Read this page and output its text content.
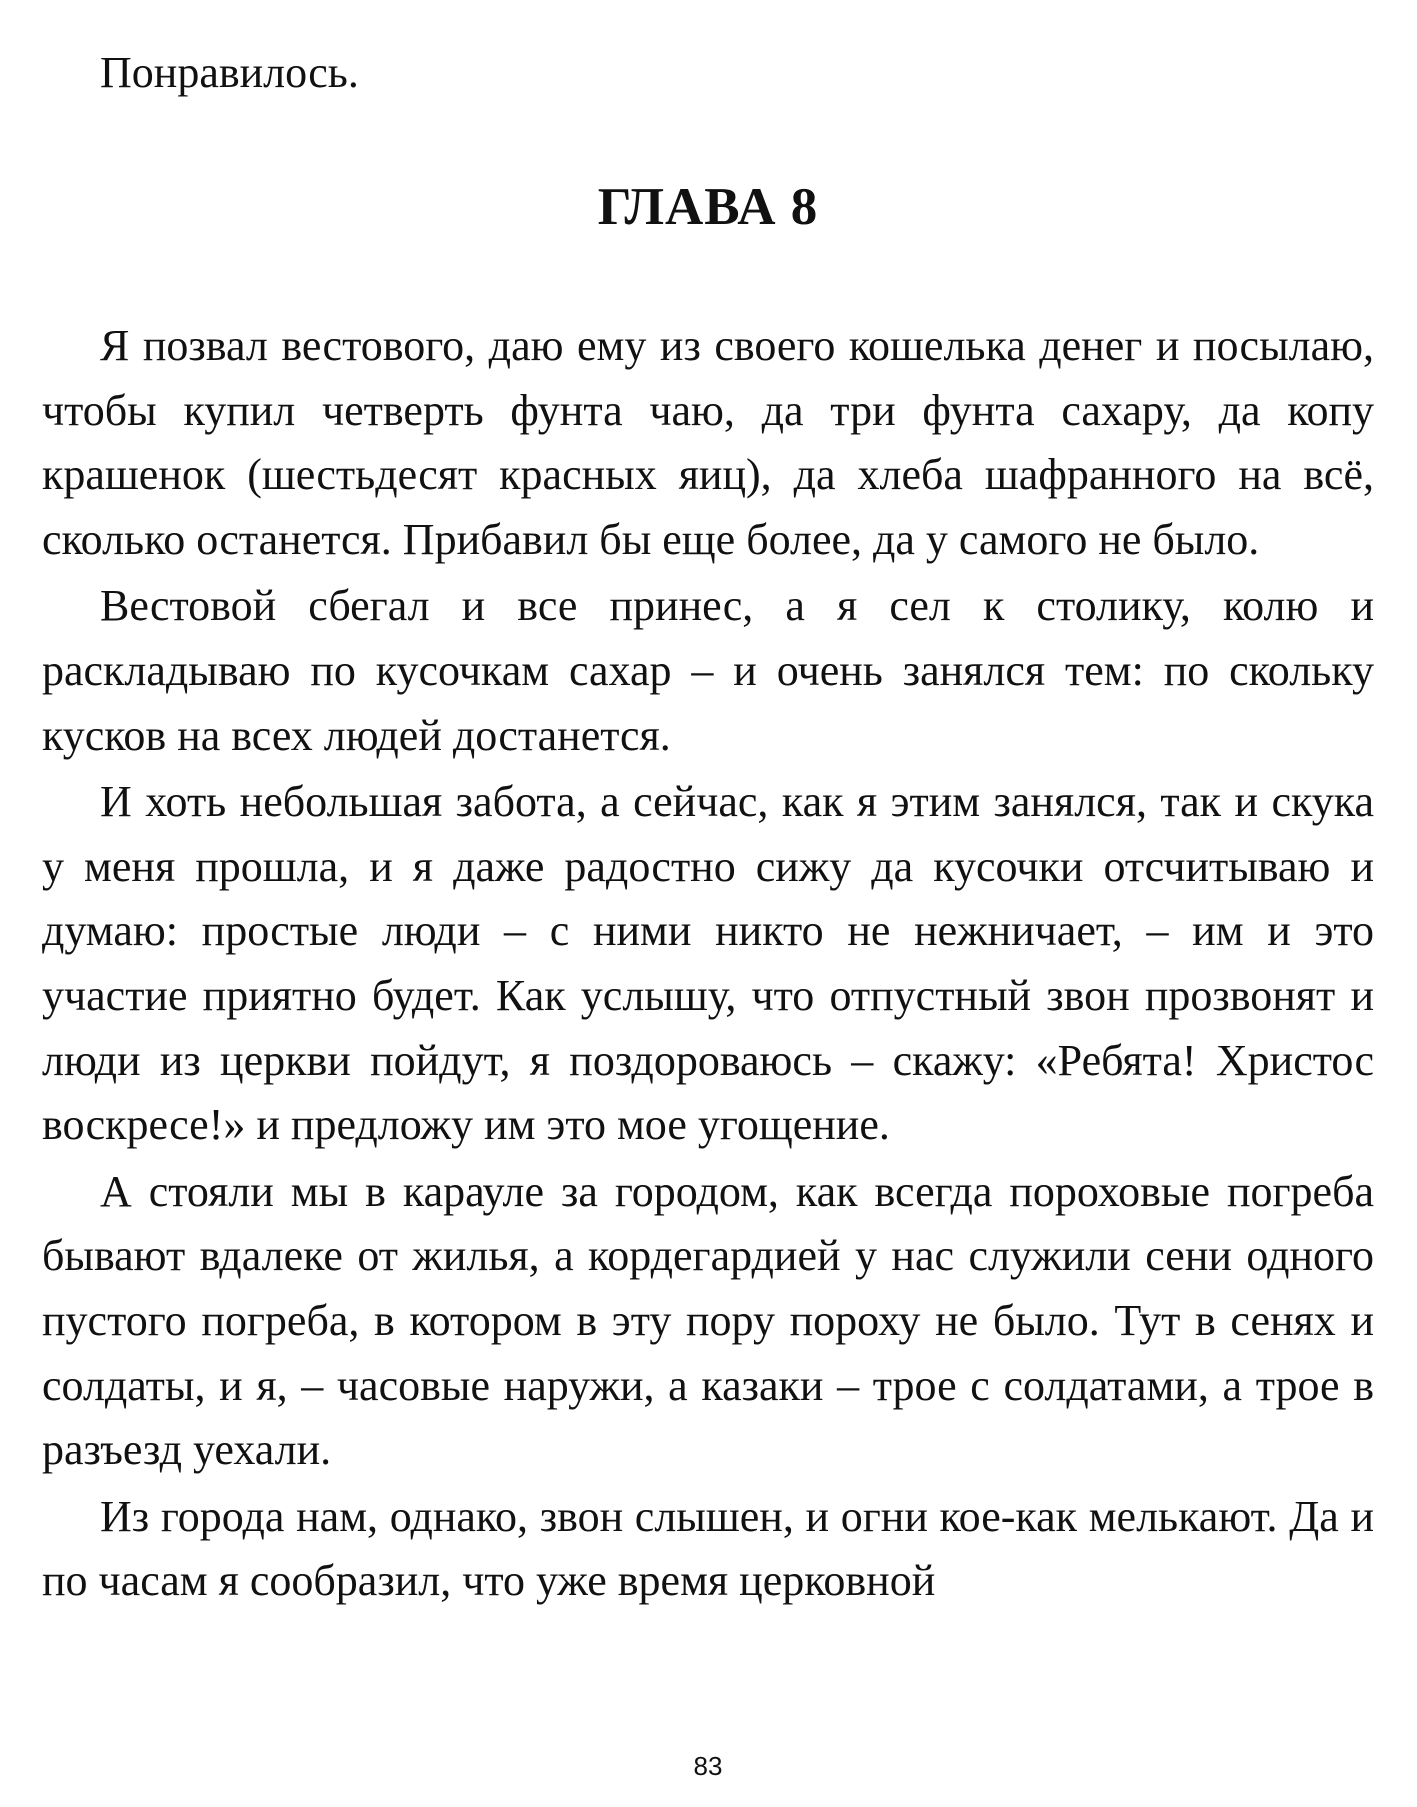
Понравилось.

ГЛАВА 8

Я позвал вестового, даю ему из своего кошелька денег и посылаю, чтобы купил четверть фунта чаю, да три фунта сахару, да копу крашенок (шестьдесят красных яиц), да хлеба шафранного на всё, сколько останется. Прибавил бы еще более, да у самого не было.

Вестовой сбегал и все принес, а я сел к столику, колю и раскладываю по кусочкам сахар – и очень занялся тем: по скольку кусков на всех людей достанется.

И хоть небольшая забота, а сейчас, как я этим занялся, так и скука у меня прошла, и я даже радостно сижу да кусочки отсчитываю и думаю: простые люди – с ними никто не нежничает, – им и это участие приятно будет. Как услышу, что отпустный звон прозвонят и люди из церкви пойдут, я поздороваюсь – скажу: «Ребята! Христос воскресе!» и предложу им это мое угощение.

А стояли мы в карауле за городом, как всегда пороховые погреба бывают вдалеке от жилья, а кордегардией у нас служили сени одного пустого погреба, в котором в эту пору пороху не было. Тут в сенях и солдаты, и я, – часовые наружи, а казаки – трое с солдатами, а трое в разъезд уехали.

Из города нам, однако, звон слышен, и огни кое-как мелькают. Да и по часам я сообразил, что уже время церковной

83
